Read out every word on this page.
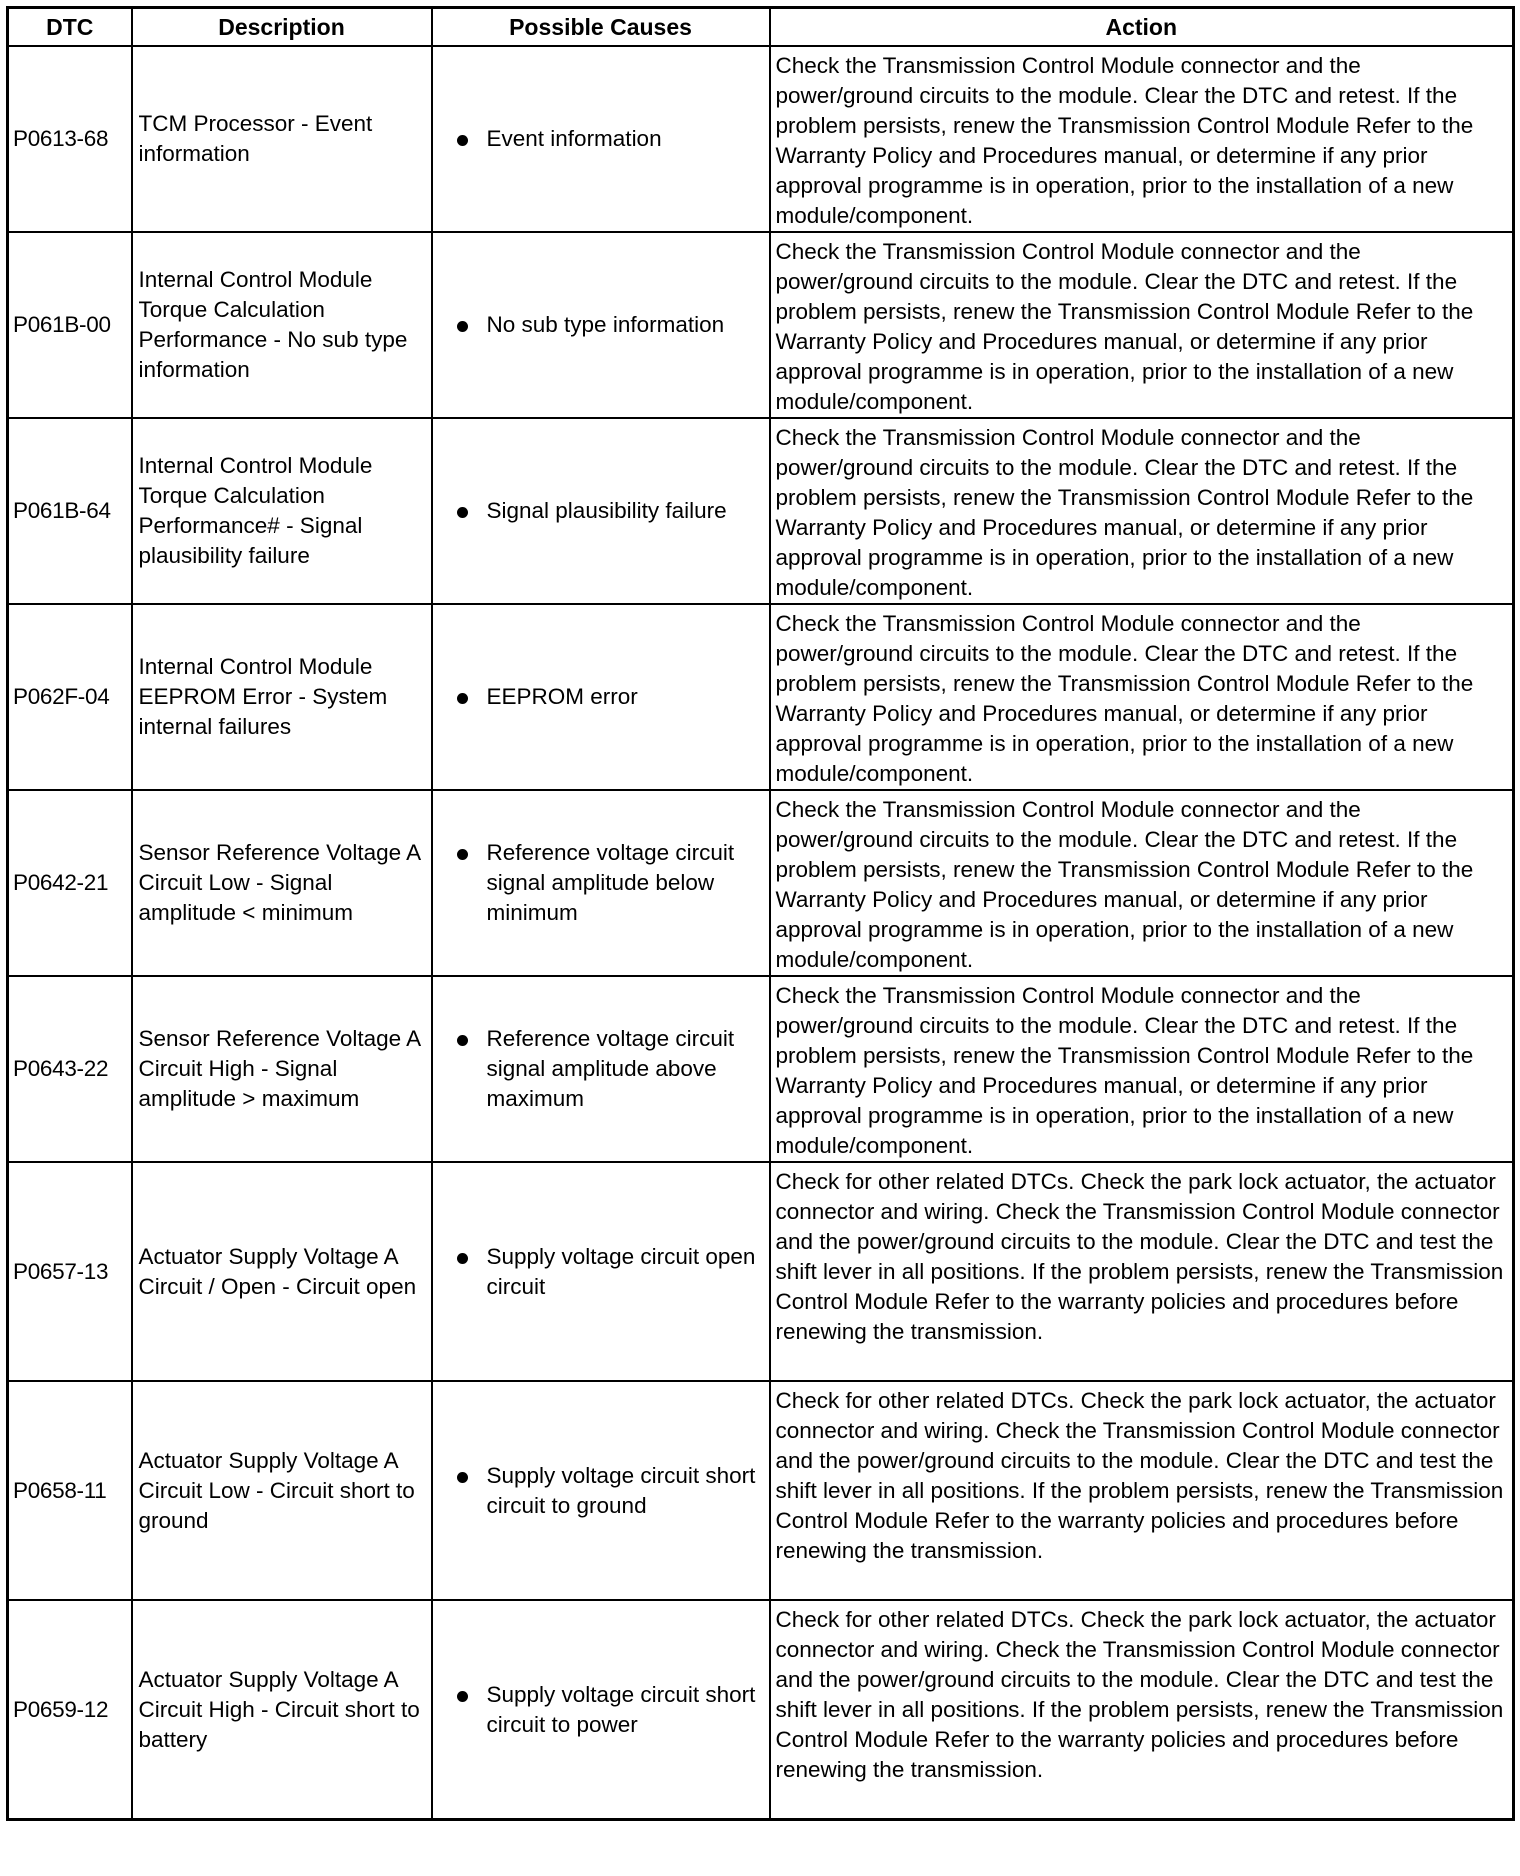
DTC	Description	Possible Causes	Action
P0613-68	TCM Processor - Event information	Event information	Check the Transmission Control Module connector and the power/ground circuits to the module. Clear the DTC and retest. If the problem persists, renew the Transmission Control Module Refer to the Warranty Policy and Procedures manual, or determine if any prior approval programme is in operation, prior to the installation of a new module/component.

P061B-00	Internal Control Module Torque Calculation Performance - No sub type information	No sub type information	Check the Transmission Control Module connector and the power/ground circuits to the module. Clear the DTC and retest. If the problem persists, renew the Transmission Control Module Refer to the Warranty Policy and Procedures manual, or determine if any prior approval programme is in operation, prior to the installation of a new module/component.

P061B-64	Internal Control Module Torque Calculation Performance# - Signal plausibility failure	Signal plausibility failure	Check the Transmission Control Module connector and the power/ground circuits to the module. Clear the DTC and retest. If the problem persists, renew the Transmission Control Module Refer to the Warranty Policy and Procedures manual, or determine if any prior approval programme is in operation, prior to the installation of a new module/component.

P062F-04	Internal Control Module EEPROM Error - System internal failures	EEPROM error	Check the Transmission Control Module connector and the power/ground circuits to the module. Clear the DTC and retest. If the problem persists, renew the Transmission Control Module Refer to the Warranty Policy and Procedures manual, or determine if any prior approval programme is in operation, prior to the installation of a new module/component.

P0642-21	Sensor Reference Voltage A Circuit Low - Signal amplitude < minimum	Reference voltage circuit signal amplitude below minimum	Check the Transmission Control Module connector and the power/ground circuits to the module. Clear the DTC and retest. If the problem persists, renew the Transmission Control Module Refer to the Warranty Policy and Procedures manual, or determine if any prior approval programme is in operation, prior to the installation of a new module/component.

P0643-22	Sensor Reference Voltage A Circuit High - Signal amplitude > maximum	Reference voltage circuit signal amplitude above maximum	Check the Transmission Control Module connector and the power/ground circuits to the module. Clear the DTC and retest. If the problem persists, renew the Transmission Control Module Refer to the Warranty Policy and Procedures manual, or determine if any prior approval programme is in operation, prior to the installation of a new module/component.

P0657-13	Actuator Supply Voltage A Circuit / Open - Circuit open	Supply voltage circuit open circuit	Check for other related DTCs. Check the park lock actuator, the actuator connector and wiring. Check the Transmission Control Module connector and the power/ground circuits to the module. Clear the DTC and test the shift lever in all positions. If the problem persists, renew the Transmission Control Module Refer to the warranty policies and procedures before renewing the transmission.

P0658-11	Actuator Supply Voltage A Circuit Low - Circuit short to ground	Supply voltage circuit short circuit to ground	Check for other related DTCs. Check the park lock actuator, the actuator connector and wiring. Check the Transmission Control Module connector and the power/ground circuits to the module. Clear the DTC and test the shift lever in all positions. If the problem persists, renew the Transmission Control Module Refer to the warranty policies and procedures before renewing the transmission.

P0659-12	Actuator Supply Voltage A Circuit High - Circuit short to battery	Supply voltage circuit short circuit to power	Check for other related DTCs. Check the park lock actuator, the actuator connector and wiring. Check the Transmission Control Module connector and the power/ground circuits to the module. Clear the DTC and test the shift lever in all positions. If the problem persists, renew the Transmission Control Module Refer to the warranty policies and procedures before renewing the transmission.
